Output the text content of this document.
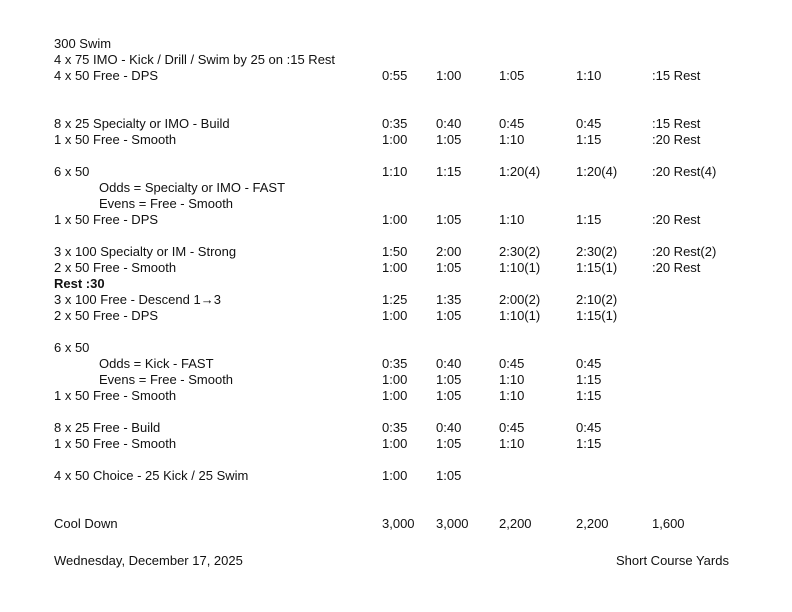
300 Swim
4 x 75 IMO - Kick / Drill / Swim by 25 on :15 Rest
4 x 50 Free - DPS	0:55 1:00	1:05	1:10	:15 Rest
8 x 25 Specialty or IMO - Build	0:35 0:40	0:45	0:45	:15 Rest
1 x 50 Free - Smooth	1:00 1:05	1:10	1:15	:20 Rest
6 x 50	1:10 1:15	1:20(4)	1:20(4)	:20 Rest(4)
Odds = Specialty or IMO - FAST
Evens = Free - Smooth
1 x 50 Free - DPS	1:00 1:05	1:10	1:15	:20 Rest
3 x 100 Specialty or IM - Strong	1:50 2:00	2:30(2)	2:30(2)	:20 Rest(2)
2 x 50 Free - Smooth	1:00 1:05	1:10(1)	1:15(1)	:20 Rest
Rest :30
3 x 100 Free - Descend 1→3	1:25 1:35	2:00(2)	2:10(2)
2 x 50 Free - DPS	1:00 1:05	1:10(1)	1:15(1)
6 x 50
Odds = Kick - FAST	0:35 0:40	0:45	0:45
Evens = Free - Smooth	1:00 1:05	1:10	1:15
1 x 50 Free - Smooth	1:00 1:05	1:10	1:15
8 x 25 Free - Build	0:35 0:40	0:45	0:45
1 x 50 Free - Smooth	1:00 1:05	1:10	1:15
4 x 50 Choice - 25 Kick / 25 Swim	1:00 1:05
Cool Down	3,000 3,000 2,200	2,200	1,600
Wednesday, December 17, 2025	Short Course Yards
